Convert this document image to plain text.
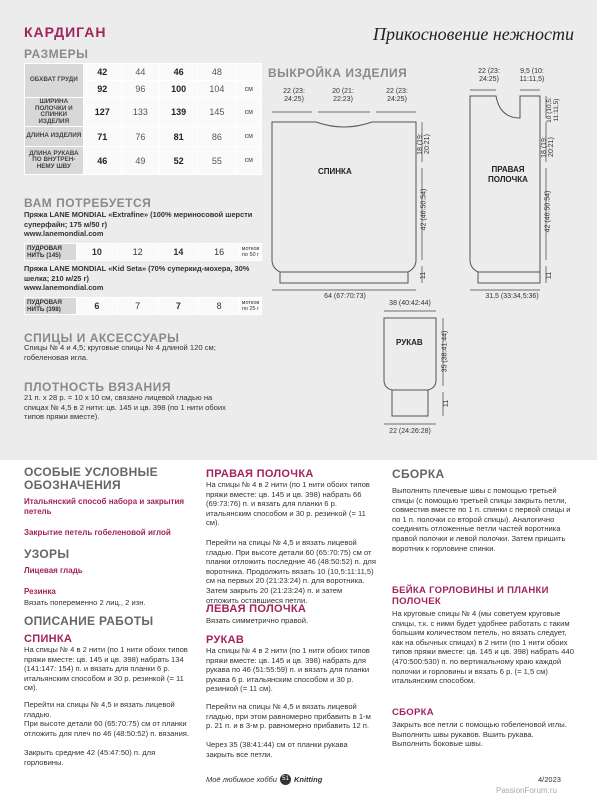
КАРДИГАН	Прикосновение нежности
РАЗМЕРЫ
ОБХВАТ ГРУДИ	42	44	46	48	
	92	96	100	104	см
ШИРИНА ПОЛОЧКИ И СПИНКИ ИЗДЕЛИЯ	127	133	139	145	см
ДЛИНА ИЗДЕЛИЯ	71	76	81	86	см
ДЛИНА РУКАВА ПО ВНУТРЕН-НЕМУ ШВУ	46	49	52	55	см
ВАМ ПОТРЕБУЕТСЯ
Пряжа LANE MONDIAL «Extrafine» (100% мериносовой шерсти суперфайн; 175 м/50 г)
www.lanemondial.com
ПУДРОВАЯ НИТЬ (145)	10	12	14	16	мотков по 50 г
Пряжа LANE MONDIAL «Kid Seta» (70% суперкид-мохера, 30% шелка; 210 м/25 г)
www.lanemondial.com
ПУДРОВАЯ НИТЬ (398)	6	7	7	8	мотков по 25 г
СПИЦЫ И АКСЕССУАРЫ
Спицы № 4 и 4,5; круговые спицы № 4 длиной 120 см; гобеленовая игла.
ПЛОТНОСТЬ ВЯЗАНИЯ
21 п. х 28 р. = 10 х 10 см, связано лицевой гладью на спицах № 4,5 в 2 нити: цв. 145 и цв. 398 (по 1 нити обоих типов пряжи вместе).
ВЫКРОЙКА ИЗДЕЛИЯ
СПИНКА	ПРАВАЯ ПОЛОЧКА
РУКАВ
22 (23: 24:25)
20 (21: 22:23)
22 (23: 24:25)
18 (19: 20:21)
42 (46:50:54)
11
64 (67:70:73)
22 (23: 24:25)
9,5 (10: 11:11,5)
10 (10,5: 11:11,5)
18 (19: 20:21)
42 (46:50:54)
11
31,5 (33:34,5:36)
38 (40:42:44)
35 (38:41:44)
11
22 (24:26:28)
ОСОБЫЕ УСЛОВНЫЕ ОБОЗНАЧЕНИЯ
Итальянский способ набора и закрытия петель
Закрытие петель гобеленовой иглой
УЗОРЫ
Лицевая гладь
Резинка
Вязать попеременно 2 лиц., 2 изн.
ОПИСАНИЕ РАБОТЫ
СПИНКА
На спицы № 4 в 2 нити (по 1 нити обоих типов пряжи вместе: цв. 145 и цв. 398) набрать 134 (141:147: 154) п. и вязать для планки 6 р. итальянским способом и 30 р. резинкой (= 11 см).
Перейти на спицы № 4,5 и вязать лицевой гладью.
При высоте детали 60 (65:70:75) см от планки отложить для плеч по 46 (48:50:52) п. вязания.
Закрыть средние 42 (45:47:50) п. для горловины.
ПРАВАЯ ПОЛОЧКА
На спицы № 4 в 2 нити (по 1 нити обоих типов пряжи вместе: цв. 145 и цв. 398) набрать 66 (69:73:76) п. и вязать для планки 6 р. итальянским способом и 30 р. резинкой (= 11 см).
Перейти на спицы № 4,5 и вязать лицевой гладью. При высоте детали 60 (65:70:75) см от планки отложить последние 46 (48:50:52) п. для воротника. Продолжить вязать 10 (10,5:11:11,5) см на первых 20 (21:23:24) п. для воротника. Затем закрыть 20 (21:23:24) п. и затем отложить оставшиеся петли.
ЛЕВАЯ ПОЛОЧКА
Вязать симметрично правой.
РУКАВ
На спицы № 4 в 2 нити (по 1 нити обоих типов пряжи вместе: цв. 145 и цв. 398) набрать для рукава по 46 (51:55:59) п. и вязать для планки рукава 6 р. итальянским способом и 30 р. резинкой (= 11 см).
Перейти на спицы № 4,5 и вязать лицевой гладью, при этом равномерно прибавить в 1-м р. 21 п. и в 3-м р. равномерно прибавить 12 п.
Через 35 (38:41:44) см от планки рукава закрыть все петли.
СБОРКА
Выполнить плечевые швы с помощью третьей спицы (с помощью третьей спицы закрыть петли, совместив вместе по 1 п. спинки с первой спицы и по 1 п. полочки со второй спицы). Аналогично соединить отложенные петли частей воротника правой полочки и левой полочки. Затем пришить воротник к горловине спинки.
БЕЙКА ГОРЛОВИНЫ И ПЛАНКИ ПОЛОЧЕК
На круговые спицы № 4 (мы советуем круговые спицы, т.к. с ними будет удобнее работать с таким большим количеством петель, но вязать следует, как на обычных спицах) в 2 нити (по 1 нити обоих типов пряжи вместе: цв. 145 и цв. 398) набрать 440 (470:500:530) п. по вертикальному краю каждой полочки и горловины и вязать 6 р. (= 1,5 см) итальянским способом.
СБОРКА
Закрыть все петли с помощью гобеленовой иглы. Выполнить швы рукавов. Вшить рукава. Выполнить боковые швы.
Моё любимое хобби 51 Knitting	4/2023
PassionForum.ru
